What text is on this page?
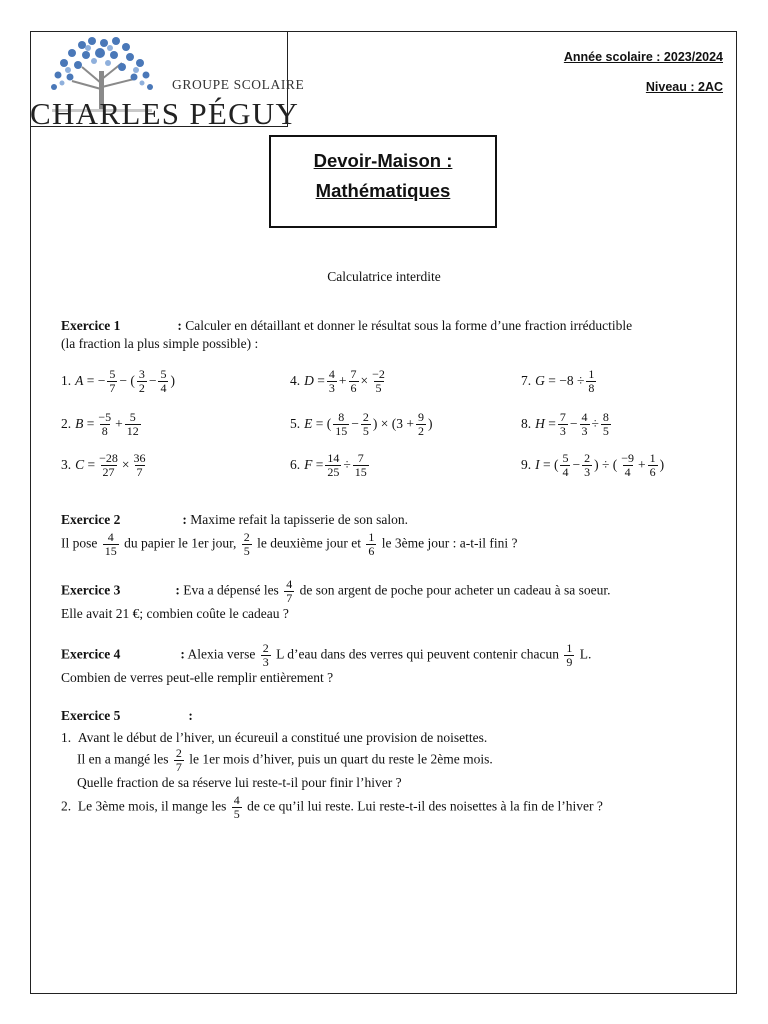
GROUPE SCOLAIRE
CHARLES PÉGUY
Année scolaire : 2023/2024
Niveau : 2AC
Devoir-Maison :
Mathématiques
Calculatrice interdite
Exercice 1	: Calculer en détaillant et donner le résultat sous la forme d’une fraction irréductible
(la fraction la plus simple possible) :
1. A = − $\frac{5}{7}$ − ( $\frac{3}{2} - \frac{5}{4}$ )	4. $D = \frac{4}{3} + \frac{7}{6} \times \frac{-2}{5}$	7. $G = -8 \div \frac{1}{8}$
2. $B = \frac{-5}{8} + \frac{5}{12}$	5. E = ( $\frac{8}{15} - \frac{2}{5}$ ) × ($3 + \frac{9}{2}$ )	8. $H = \frac{7}{3} - \frac{4}{3} \div \frac{8}{5}$
3. $C = \frac{-28}{27} \times \frac{36}{7}$	6. $F = \frac{14}{25} \div \frac{7}{15}$	9. I = ( $\frac{5}{4} - \frac{2}{3}$ ) ÷ ( $\frac{-9}{4} + \frac{1}{6}$ )
Exercice 2	: Maxime refait la tapisserie de son salon.
Il pose $\frac{4}{15}$ du papier le 1er jour, $\frac{2}{5}$ le deuxième jour et $\frac{1}{6}$ le 3ème jour : a-t-il fini ?
Exercice 3	: Eva a dépensé les $\frac{4}{7}$ de son argent de poche pour acheter un cadeau à sa soeur.
Elle avait 21 €; combien coûte le cadeau ?
Exercice 4	: Alexia verse $\frac{2}{3}$ L d’eau dans des verres qui peuvent contenir chacun $\frac{1}{9} L$.
Combien de verres peut-elle remplir entièrement ?
Exercice 5	:
1. Avant le début de l’hiver, un écureuil a constitué une provision de noisettes.
Il en a mangé les $\frac{2}{7}$ le 1er mois d’hiver, puis un quart du reste le 2ème mois.
Quelle fraction de sa réserve lui reste-t-il pour finir l’hiver ?
2. Le 3ème mois, il mange les $\frac{4}{5}$ de ce qu’il lui reste. Lui reste-t-il des noisettes à la fin de l’hiver ?
